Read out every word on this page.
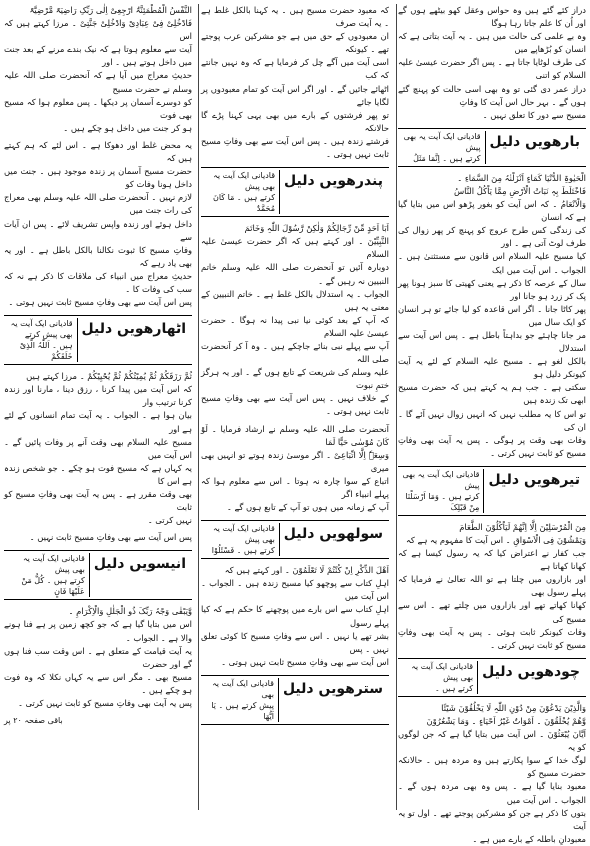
دراز کئے گئے ہیں وہ حواس وعقل کھو بیٹھے ہوں گے اور اُن کا علم جاتا رہا ہوگا
وہ بے علمی کی حالت میں ہیں ۔ یہ آیت بتاتی ہے کہ انسان کو بُڑھاپے میں
کی طرف لوٹایا جاتا ہے ۔ پس اگر حضرت عیسیٰ علیہ السلام کو اتنی
دراز عمر دی گئی تو وہ بھی اسی حالت کو پہنچ گئے ہوں گے ۔ بہر حال اس آیت کا وفاتِ
مسیح سے دور کا تعلق نہیں ۔
بارھویں دلیل
قادیانی ایک آیت یہ بھی پیش
کرتے ہیں ۔ اِنَّمَا مَثَلُ
الْحَیٰوۃِ الدُّنْیَا کَمَاءٍ اَنْزَلْنٰہُ مِنَ السَّمَاءِ ۔
فَاخْتَلَطَ بِہٖ نَبَاتُ الْاَرْضِ مِمَّا یَاْکُلُ النَّاسُ
وَالْاَنْعَامُ ۔ کہ اس آیت کو بغور پڑھو اس میں بتایا گیا ہے کہ انسان
کی زندگی کس طرح عروج کو پہنچ کر پھر زوال کی طرف لوٹ آتی ہے ۔ اور
کیا مسیح علیہ السلام اس قانون سے مستثنیٰ ہیں ۔ الجواب ۔ اس آیت میں ایک
سال کے عرصہ کا ذکر ہے یعنی کھیتی کا سبز ہونا پھر پک کر زرد ہو جانا اور
پھر کاٹا جانا ۔ اگر اس قاعدہ کو لیا جائے تو ہر انسان کو ایک سال میں
مر جانا چاہئے جو بداہتاً باطل ہے ۔ پس اس آیت سے استدلال
بالکل لغو ہے ۔ مسیح علیہ السلام کے لئے یہ آیت کیونکر دلیل ہو
سکتی ہے ۔ جب ہم یہ کہتے ہیں کہ حضرت مسیح ابھی تک زندہ ہیں
تو اس کا یہ مطلب نہیں کہ انہیں زوال نہیں آئے گا ۔ ان کی
وفات بھی وقت پر ہوگی ۔ پس یہ آیت بھی وفاتِ مسیح کو ثابت نہیں کرتی ۔
تیرھویں دلیل
قادیانی ایک آیت یہ بھی پیش
کرتے ہیں ۔ وَمَا اَرْسَلْنَا مِنْ قَبْلِکَ
مِنَ الْمُرْسَلِیْنَ اِلَّا اِنَّھُمْ لَیَاْکُلُوْنَ الطَّعَامَ
وَیَمْشُوْنَ فِی الْاَسْوَاقِ ۔ اس آیت کا مفہوم یہ ہے کہ
جب کفار نے اعتراض کیا کہ یہ رسول کیسا ہے کہ کھانا کھاتا ہے
اور بازاروں میں چلتا ہے تو اللہ تعالیٰ نے فرمایا کہ پہلے رسول بھی
کھانا کھاتے تھے اور بازاروں میں چلتے تھے ۔ اس سے مسیح کی
وفات کیونکر ثابت ہوئی ۔ پس یہ آیت بھی وفاتِ مسیح کو ثابت نہیں کرتی ۔
چودھویں دلیل
قادیانی ایک آیت یہ بھی پیش
کرتے ہیں ۔
وَالَّذِیْنَ یَدْعُوْنَ مِنْ دُوْنِ اللّٰہِ لَا یَخْلُقُوْنَ شَیْئًا
وَّھُمْ یُخْلَقُوْنَ ۔ اَمْوَاتٌ غَیْرُ اَحْیَاءٍ ۔ وَمَا یَشْعُرُوْنَ
اَیَّانَ یُبْعَثُوْنَ ۔ اس آیت میں بتایا گیا ہے کہ جن لوگوں کو یہ
لوگ خدا کے سوا پکارتے ہیں وہ مردہ ہیں ۔ حالانکہ حضرت مسیح کو
معبود بنایا گیا ہے ۔ پس وہ بھی مردہ ہوں گے ۔ الجواب ۔ اس آیت میں
بتوں کا ذکر ہے جن کو مشرکین پوجتے تھے ۔ اول تو یہ آیت
معبودانِ باطلہ کے بارے میں ہے ۔
کہ معبود حضرت مسیح ہیں ۔ یہ کہنا بالکل غلط ہے ۔ یہ آیت صرف
ان معبودوں کے حق میں ہے جو مشرکین عرب پوجتے تھے ۔ کیونکہ
اسی آیت میں آگے چل کر فرمایا ہے کہ وہ نہیں جانتے کہ کب
اٹھائے جائیں گے ۔ اور اگر اس آیت کو تمام معبودوں پر لگایا جائے
تو پھر فرشتوں کے بارے میں بھی یہی کہنا پڑے گا حالانکہ
فرشتے زندہ ہیں ۔ پس اس آیت سے بھی وفاتِ مسیح ثابت نہیں ہوتی ۔
پندرھویں دلیل
قادیانی ایک آیت یہ بھی پیش
کرتے ہیں ۔ مَا کَانَ مُحَمَّدٌ
اَبَا اَحَدٍ مِّنْ رِّجَالِکُمْ وَلٰکِنْ رَّسُوْلَ اللّٰہِ وَخَاتَمَ
النَّبِیِّیْنَ ۔ اور کہتے ہیں کہ اگر حضرت عیسیٰ علیہ السلام
دوبارہ آئیں تو آنحضرت صلی اللہ علیہ وسلم خاتم النبیین نہ رہیں گے ۔
الجواب ۔ یہ استدلال بالکل غلط ہے ۔ خاتم النبیین کے معنی یہ ہیں
کہ آپ کے بعد کوئی نیا نبی پیدا نہ ہوگا ۔ حضرت عیسیٰ علیہ السلام
آپ سے پہلے نبی بنائے جاچکے ہیں ۔ وہ آ کر آنحضرت صلی اللہ
علیہ وسلم کی شریعت کے تابع ہوں گے ۔ اور یہ ہرگز ختمِ نبوت
کے خلاف نہیں ۔ پس اس آیت سے بھی وفاتِ مسیح ثابت نہیں ہوتی ۔
آنحضرت صلی اللہ علیہ وسلم نے ارشاد فرمایا ۔ لَوْ کَانَ مُوْسٰی حَیًّا لَمَا
وَسِعَہٗ اِلَّا اتِّبَاعِیْ ۔ اگر موسیٰ زندہ ہوتے تو انہیں بھی میری
اتباع کے سوا چارہ نہ ہوتا ۔ اس سے معلوم ہوا کہ پہلے انبیاء اگر
آپ کے زمانہ میں ہوں تو آپ کے تابع ہوں گے ۔
سولھویں دلیل
قادیانی ایک آیت یہ بھی پیش
کرتے ہیں ۔ فَسْئَلُوْا
اَھْلَ الذِّکْرِ اِنْ کُنْتُمْ لَا تَعْلَمُوْنَ ۔ اور کہتے ہیں کہ
اہلِ کتاب سے پوچھو کیا مسیح زندہ ہیں ۔ الجواب ۔ اس آیت میں
اہلِ کتاب سے اس بارے میں پوچھنے کا حکم ہے کہ کیا پہلے رسول
بشر تھے یا نہیں ۔ اس سے وفاتِ مسیح کا کوئی تعلق نہیں ۔ پس
اس آیت سے بھی وفاتِ مسیح ثابت نہیں ہوتی ۔
سترھویں دلیل
قادیانی ایک آیت یہ بھی
پیش کرتے ہیں ۔ یَا اَیُّھَا
النَّفْسُ الْمُطْمَئِنَّۃُ ارْجِعِیْ اِلٰی رَبِّکِ رَاضِیَۃً مَّرْضِیَّۃً
فَادْخُلِیْ فِیْ عِبَادِیْ وَادْخُلِیْ جَنَّتِیْ ۔ مرزا کہتے ہیں کہ اس
آیت سے معلوم ہوتا ہے کہ نیک بندے مرنے کے بعد جنت میں داخل ہوتے ہیں ۔ اور
حدیثِ معراج میں آیا ہے کہ آنحضرت صلی اللہ علیہ وسلم نے حضرت مسیح
کو دوسرے آسمان پر دیکھا ۔ پس معلوم ہوا کہ مسیح بھی فوت
ہو کر جنت میں داخل ہو چکے ہیں ۔
یہ محض غلط اور دھوکا ہے ۔ اس لئے کہ ہم کہتے ہیں کہ
حضرت مسیح آسمان پر زندہ موجود ہیں ۔ جنت میں داخل ہونا وفات کو
لازم نہیں ۔ آنحضرت صلی اللہ علیہ وسلم بھی معراج کی رات جنت میں
داخل ہوئے اور زندہ واپس تشریف لائے ۔ پس ان آیات سے
وفاتِ مسیح کا ثبوت نکالنا بالکل باطل ہے ۔ اور یہ بھی یاد رہے کہ
حدیثِ معراج میں انبیاء کی ملاقات کا ذکر ہے نہ کہ سب کی وفات کا ۔
پس اس آیت سے بھی وفاتِ مسیح ثابت نہیں ہوتی ۔
اٹھارھویں دلیل
قادیانی ایک آیت یہ بھی پیش کرتے
ہیں ۔ اَللّٰہُ الَّذِیْ خَلَقَکُمْ
ثُمَّ رَزَقَکُمْ ثُمَّ یُمِیْتُکُمْ ثُمَّ یُحْیِیْکُمْ ۔ مرزا کہتے ہیں
کہ اس آیت میں پیدا کرنا ، رزق دینا ، مارنا اور زندہ کرنا ترتیب وار
بیان ہوا ہے ۔ الجواب ۔ یہ آیت تمام انسانوں کے لئے ہے اور
مسیح علیہ السلام بھی وقت آنے پر وفات پائیں گے ۔ اس آیت میں
یہ کہاں ہے کہ مسیح فوت ہو چکے ۔ جو شخص زندہ ہے اس کا
بھی وقت مقرر ہے ۔ پس یہ آیت بھی وفاتِ مسیح کو ثابت
نہیں کرتی ۔
پس اس آیت سے بھی وفاتِ مسیح ثابت نہیں ۔
انیسویں دلیل
قادیانی ایک آیت یہ بھی پیش
کرتے ہیں ۔ کُلُّ مَنْ عَلَیْھَا فَانٍ
وَّیَبْقٰی وَجْہُ رَبِّکَ ذُو الْجَلٰلِ وَالْاِکْرَامِ ۔
اس میں بتایا گیا ہے کہ جو کچھ زمین پر ہے فنا ہونے والا ہے ۔ الجواب ۔
یہ آیت قیامت کے متعلق ہے ۔ اس وقت سب فنا ہوں گے اور حضرت
مسیح بھی ۔ مگر اس سے یہ کہاں نکلا کہ وہ فوت ہو چکے ہیں ۔
پس یہ آیت بھی وفاتِ مسیح کو ثابت نہیں کرتی ۔
باقی صفحہ ۲۰ پر
